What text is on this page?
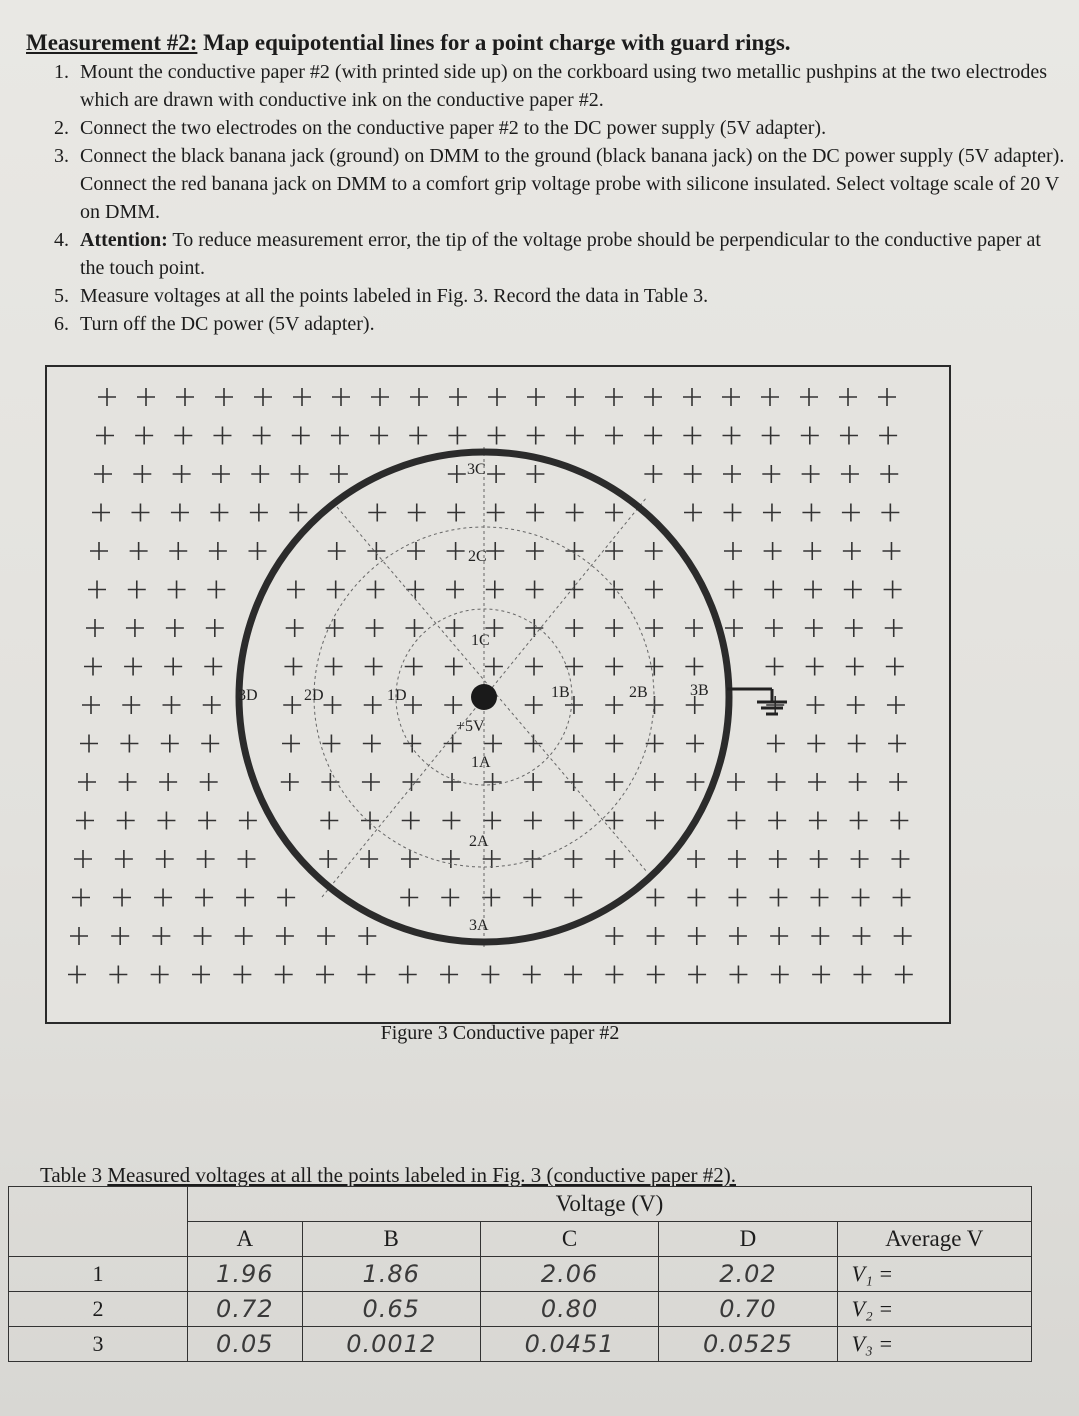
Measurement #2: Map equipotential lines for a point charge with guard rings.

1. Mount the conductive paper #2 (with printed side up) on the corkboard using two metallic pushpins at the two electrodes which are drawn with conductive ink on the conductive paper #2.
2. Connect the two electrodes on the conductive paper #2 to the DC power supply (5V adapter).
3. Connect the black banana jack (ground) on DMM to the ground (black banana jack) on the DC power supply (5V adapter). Connect the red banana jack on DMM to a comfort grip voltage probe with silicone insulated. Select voltage scale of 20 V on DMM.
4. Attention: To reduce measurement error, the tip of the voltage probe should be perpendicular to the conductive paper at the touch point.
5. Measure voltages at all the points labeled in Fig. 3. Record the data in Table 3.
6. Turn off the DC power (5V adapter).
3C
2C
1C
3D	2D	1D	1B	2B	3B
+5V
1A
2A
3A
Figure 3 Conductive paper #2
Table 3 Measured voltages at all the points labeled in Fig. 3 (conductive paper #2).
	Voltage (V)				
	A	B	C	D	Average V
1	1.96	1.86	2.06	2.02	V₁ =
2	0.72	0.65	0.80	0.70	V₂ =
3	0.05	0.0012	0.0451	0.0525	V₃ =
